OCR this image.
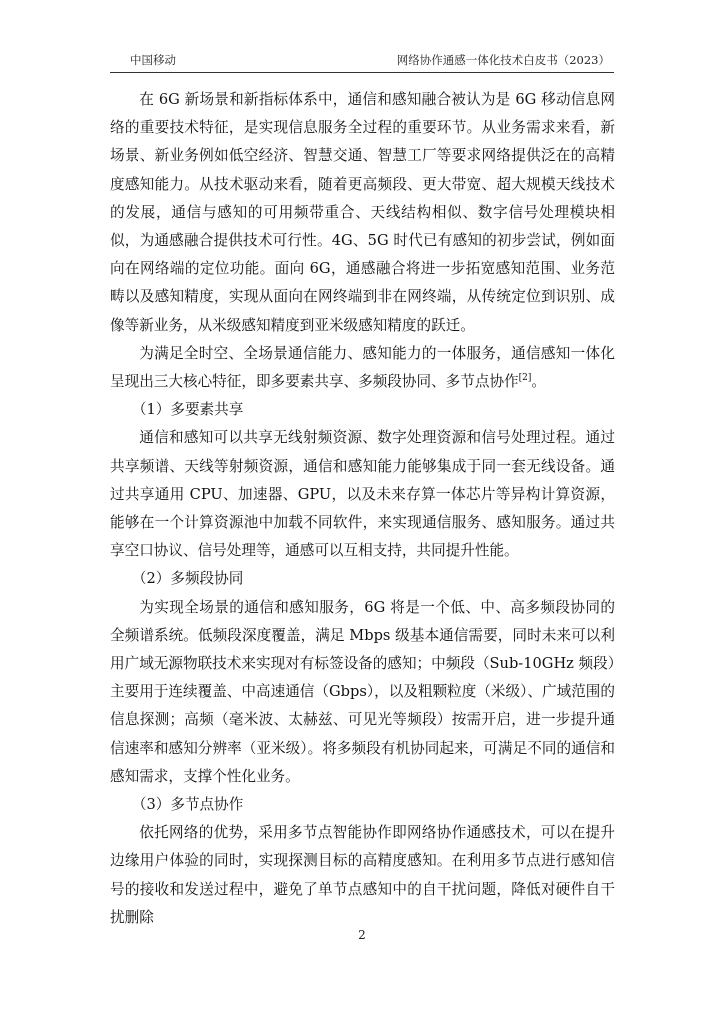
中国移动	网络协作通感一体化技术白皮书（2023）

在 6G 新场景和新指标体系中，通信和感知融合被认为是 6G 移动信息网络的重要技术特征，是实现信息服务全过程的重要环节。从业务需求来看，新场景、新业务例如低空经济、智慧交通、智慧工厂等要求网络提供泛在的高精度感知能力。从技术驱动来看，随着更高频段、更大带宽、超大规模天线技术的发展，通信与感知的可用频带重合、天线结构相似、数字信号处理模块相似，为通感融合提供技术可行性。4G、5G 时代已有感知的初步尝试，例如面向在网络端的定位功能。面向 6G，通感融合将进一步拓宽感知范围、业务范畴以及感知精度，实现从面向在网终端到非在网终端，从传统定位到识别、成像等新业务，从米级感知精度到亚米级感知精度的跃迁。

为满足全时空、全场景通信能力、感知能力的一体服务，通信感知一体化呈现出三大核心特征，即多要素共享、多频段协同、多节点协作[2]。

（1）多要素共享

通信和感知可以共享无线射频资源、数字处理资源和信号处理过程。通过共享频谱、天线等射频资源，通信和感知能力能够集成于同一套无线设备。通过共享通用 CPU、加速器、GPU，以及未来存算一体芯片等异构计算资源，能够在一个计算资源池中加载不同软件，来实现通信服务、感知服务。通过共享空口协议、信号处理等，通感可以互相支持，共同提升性能。

（2）多频段协同

为实现全场景的通信和感知服务，6G 将是一个低、中、高多频段协同的全频谱系统。低频段深度覆盖，满足 Mbps 级基本通信需要，同时未来可以利用广域无源物联技术来实现对有标签设备的感知；中频段（Sub-10GHz 频段）主要用于连续覆盖、中高速通信（Gbps），以及粗颗粒度（米级）、广域范围的信息探测；高频（毫米波、太赫兹、可见光等频段）按需开启，进一步提升通信速率和感知分辨率（亚米级）。将多频段有机协同起来，可满足不同的通信和感知需求，支撑个性化业务。

（3）多节点协作

依托网络的优势，采用多节点智能协作即网络协作通感技术，可以在提升边缘用户体验的同时，实现探测目标的高精度感知。在利用多节点进行感知信号的接收和发送过程中，避免了单节点感知中的自干扰问题，降低对硬件自干扰删除

2
